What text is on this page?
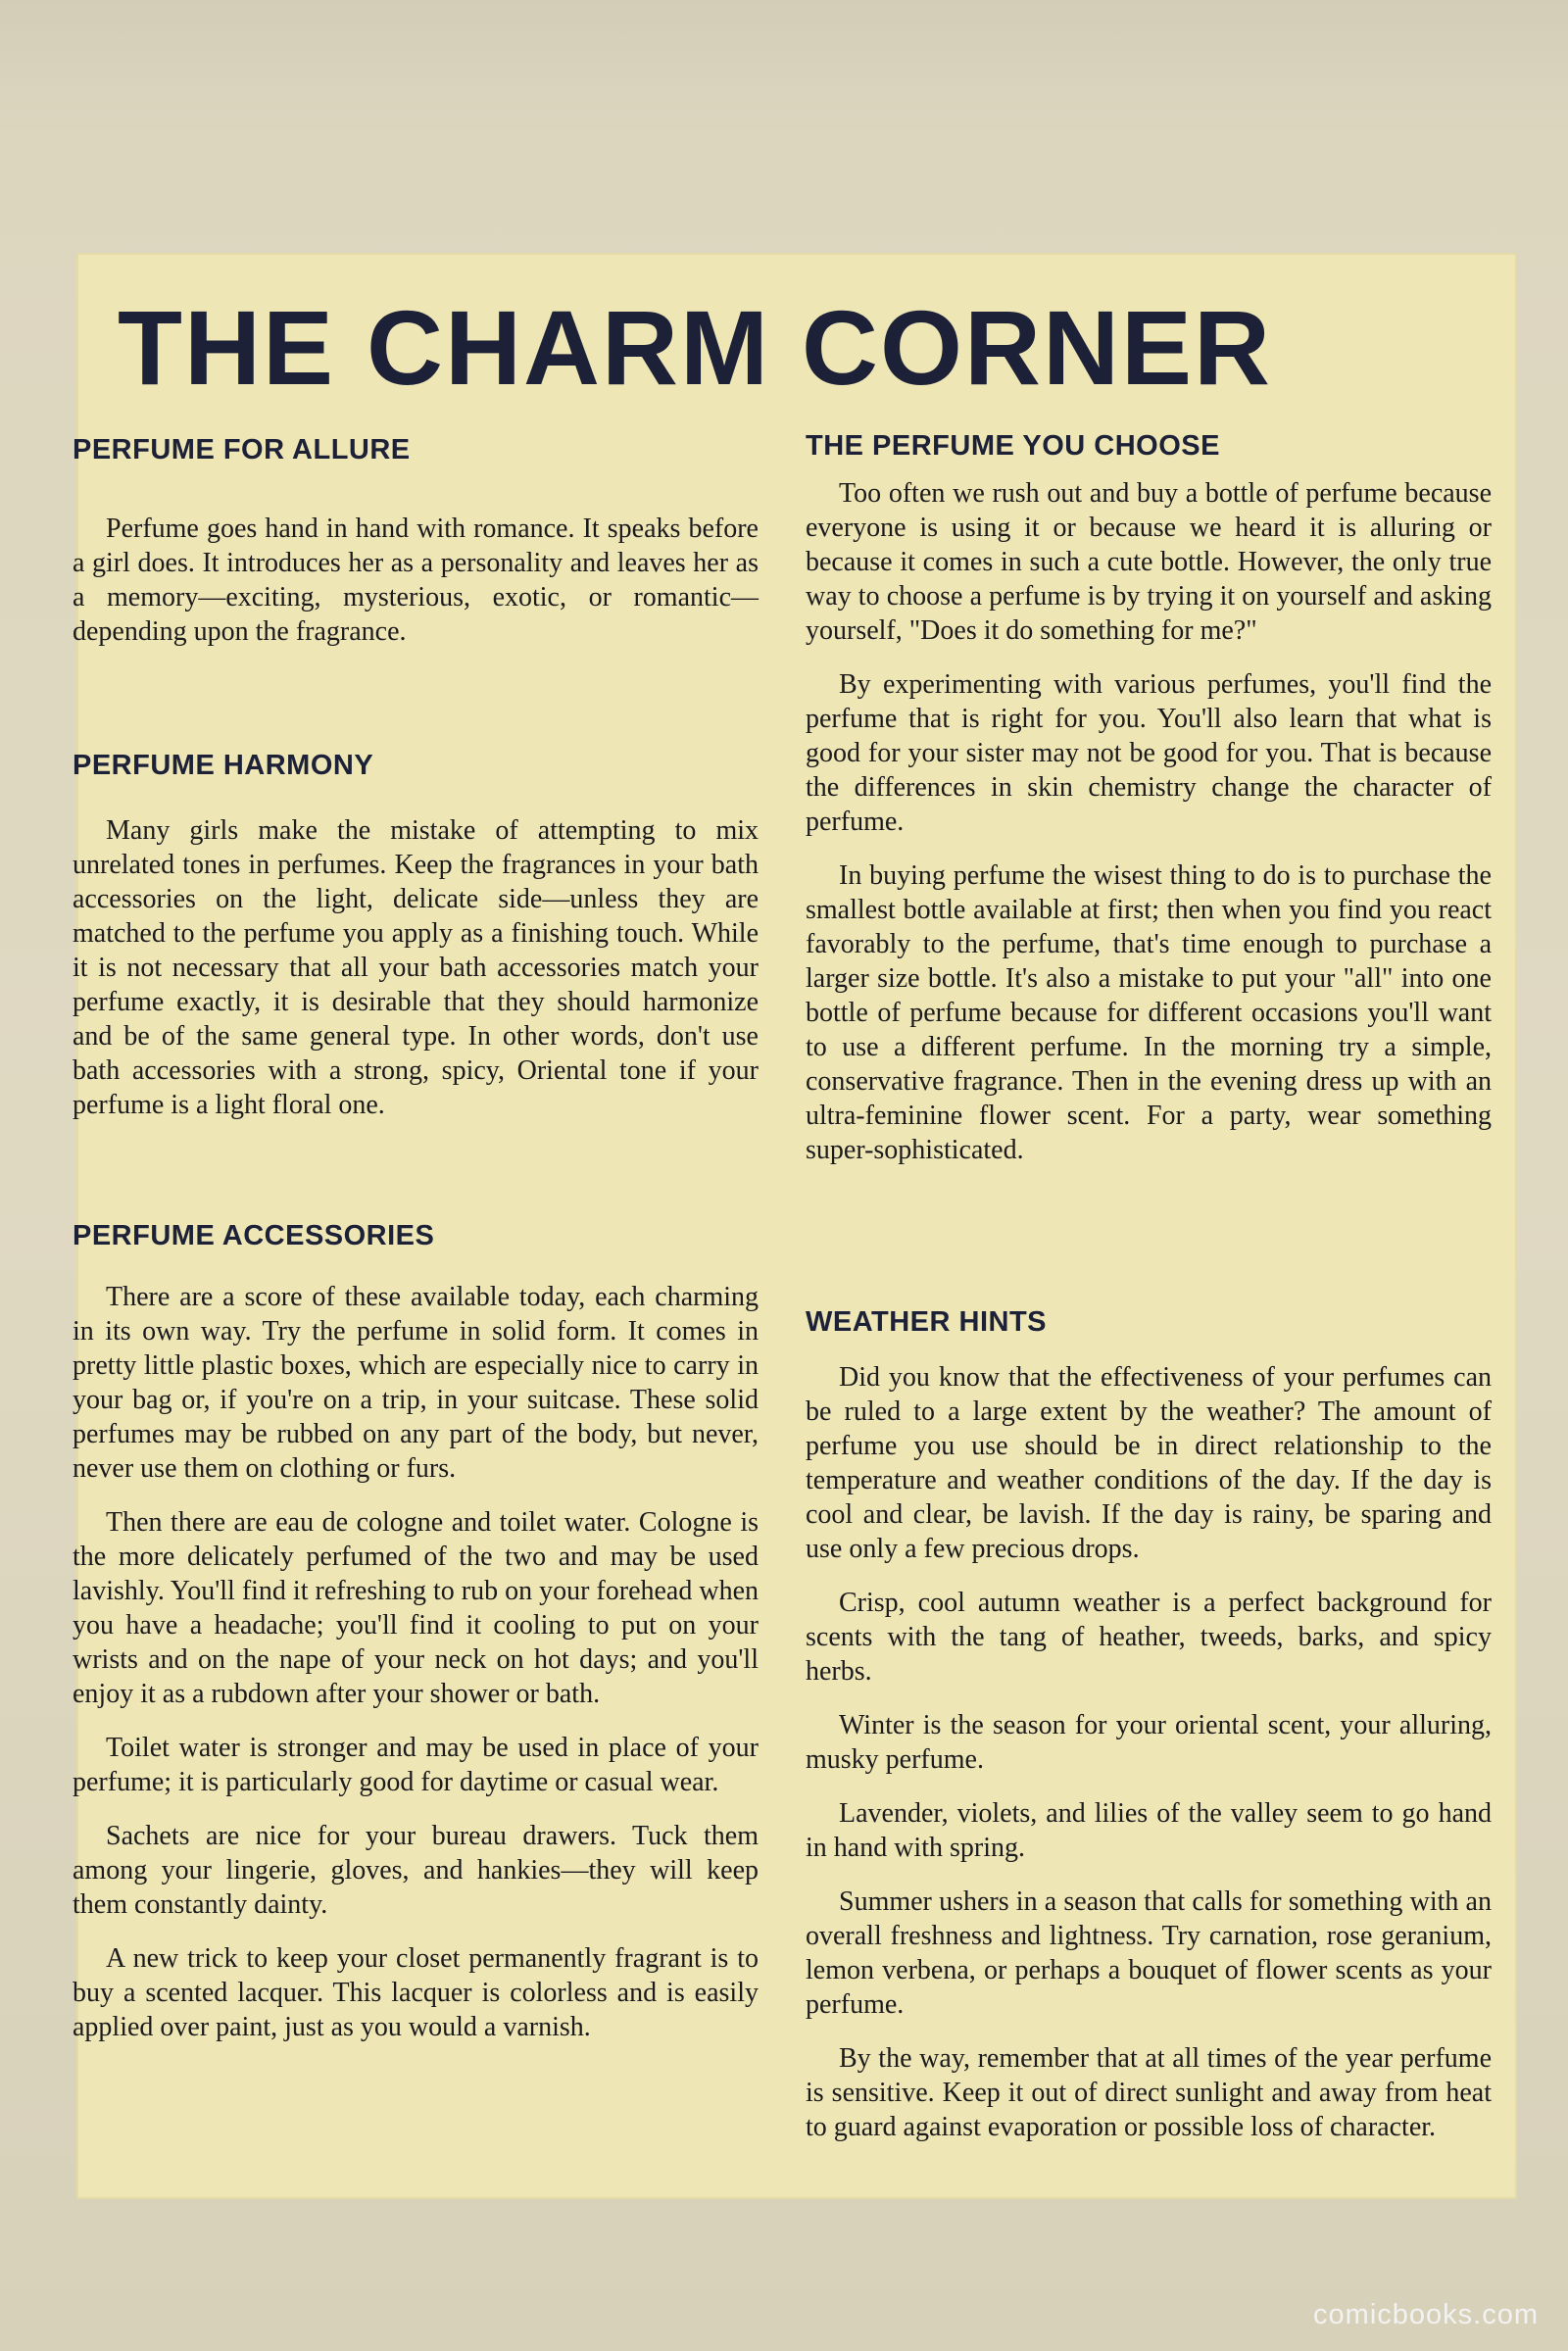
THE CHARM CORNER
PERFUME FOR ALLURE

Perfume goes hand in hand with romance. It speaks before a girl does. It introduces her as a personality and leaves her as a memory—exciting, mysterious, exotic, or romantic—depending upon the fragrance.

PERFUME HARMONY

Many girls make the mistake of attempting to mix unrelated tones in perfumes. Keep the fragrances in your bath accessories on the light, delicate side—unless they are matched to the perfume you apply as a finishing touch. While it is not necessary that all your bath accessories match your perfume exactly, it is desirable that they should harmonize and be of the same general type. In other words, don't use bath accessories with a strong, spicy, Oriental tone if your perfume is a light floral one.

PERFUME ACCESSORIES

There are a score of these available today, each charming in its own way. Try the perfume in solid form. It comes in pretty little plastic boxes, which are especially nice to carry in your bag or, if you're on a trip, in your suitcase. These solid perfumes may be rubbed on any part of the body, but never, never use them on clothing or furs.

Then there are eau de cologne and toilet water. Cologne is the more delicately perfumed of the two and may be used lavishly. You'll find it refreshing to rub on your forehead when you have a headache; you'll find it cooling to put on your wrists and on the nape of your neck on hot days; and you'll enjoy it as a rubdown after your shower or bath.

Toilet water is stronger and may be used in place of your perfume; it is particularly good for daytime or casual wear.

Sachets are nice for your bureau drawers. Tuck them among your lingerie, gloves, and hankies—they will keep them constantly dainty.

A new trick to keep your closet permanently fragrant is to buy a scented lacquer. This lacquer is colorless and is easily applied over paint, just as you would a varnish.

THE PERFUME YOU CHOOSE

Too often we rush out and buy a bottle of perfume because everyone is using it or because we heard it is alluring or because it comes in such a cute bottle. However, the only true way to choose a perfume is by trying it on yourself and asking yourself, "Does it do something for me?"

By experimenting with various perfumes, you'll find the perfume that is right for you. You'll also learn that what is good for your sister may not be good for you. That is because the differences in skin chemistry change the character of perfume.

In buying perfume the wisest thing to do is to purchase the smallest bottle available at first; then when you find you react favorably to the perfume, that's time enough to purchase a larger size bottle. It's also a mistake to put your "all" into one bottle of perfume because for different occasions you'll want to use a different perfume. In the morning try a simple, conservative fragrance. Then in the evening dress up with an ultra-feminine flower scent. For a party, wear something super-sophisticated.

WEATHER HINTS

Did you know that the effectiveness of your perfumes can be ruled to a large extent by the weather? The amount of perfume you use should be in direct relationship to the temperature and weather conditions of the day. If the day is cool and clear, be lavish. If the day is rainy, be sparing and use only a few precious drops.

Crisp, cool autumn weather is a perfect background for scents with the tang of heather, tweeds, barks, and spicy herbs.

Winter is the season for your oriental scent, your alluring, musky perfume.

Lavender, violets, and lilies of the valley seem to go hand in hand with spring.

Summer ushers in a season that calls for something with an overall freshness and lightness. Try carnation, rose geranium, lemon verbena, or perhaps a bouquet of flower scents as your perfume.

By the way, remember that at all times of the year perfume is sensitive. Keep it out of direct sunlight and away from heat to guard against evaporation or possible loss of character.

comicbooks.com
